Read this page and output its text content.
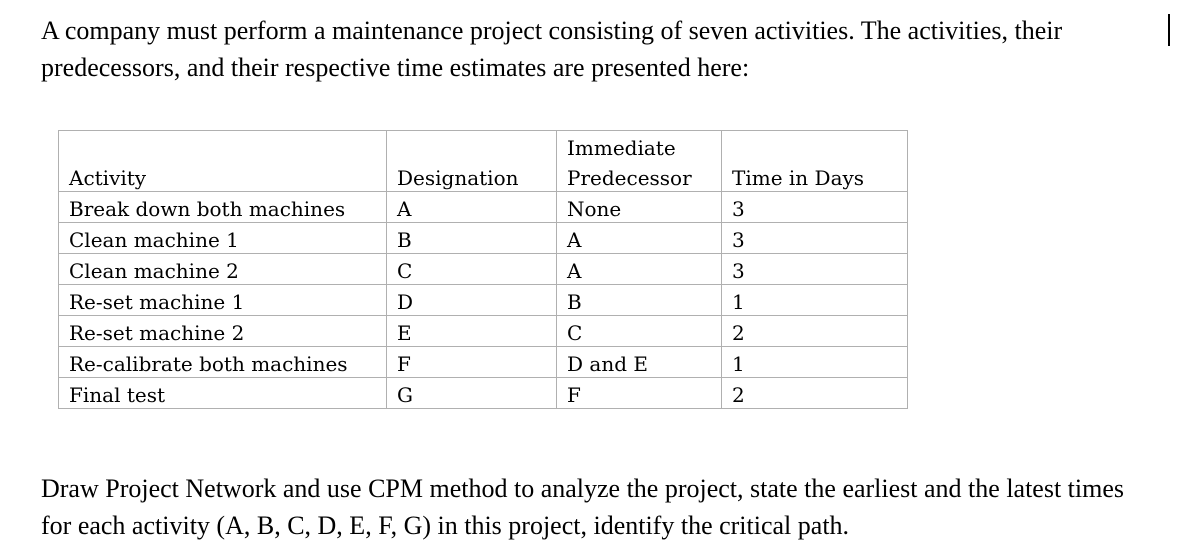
A company must perform a maintenance project consisting of seven activities. The activities, their predecessors, and their respective time estimates are presented here:

		Immediate	
Activity	Designation	Predecessor	Time in Days
Break down both machines	A	None	3
Clean machine 1	B	A	3
Clean machine 2	C	A	3
Re-set machine 1	D	B	1
Re-set machine 2	E	C	2
Re-calibrate both machines	F	D and E	1
Final test	G	F	2

Draw Project Network and use CPM method to analyze the project, state the earliest and the latest times for each activity (A, B, C, D, E, F, G) in this project, identify the critical path.
